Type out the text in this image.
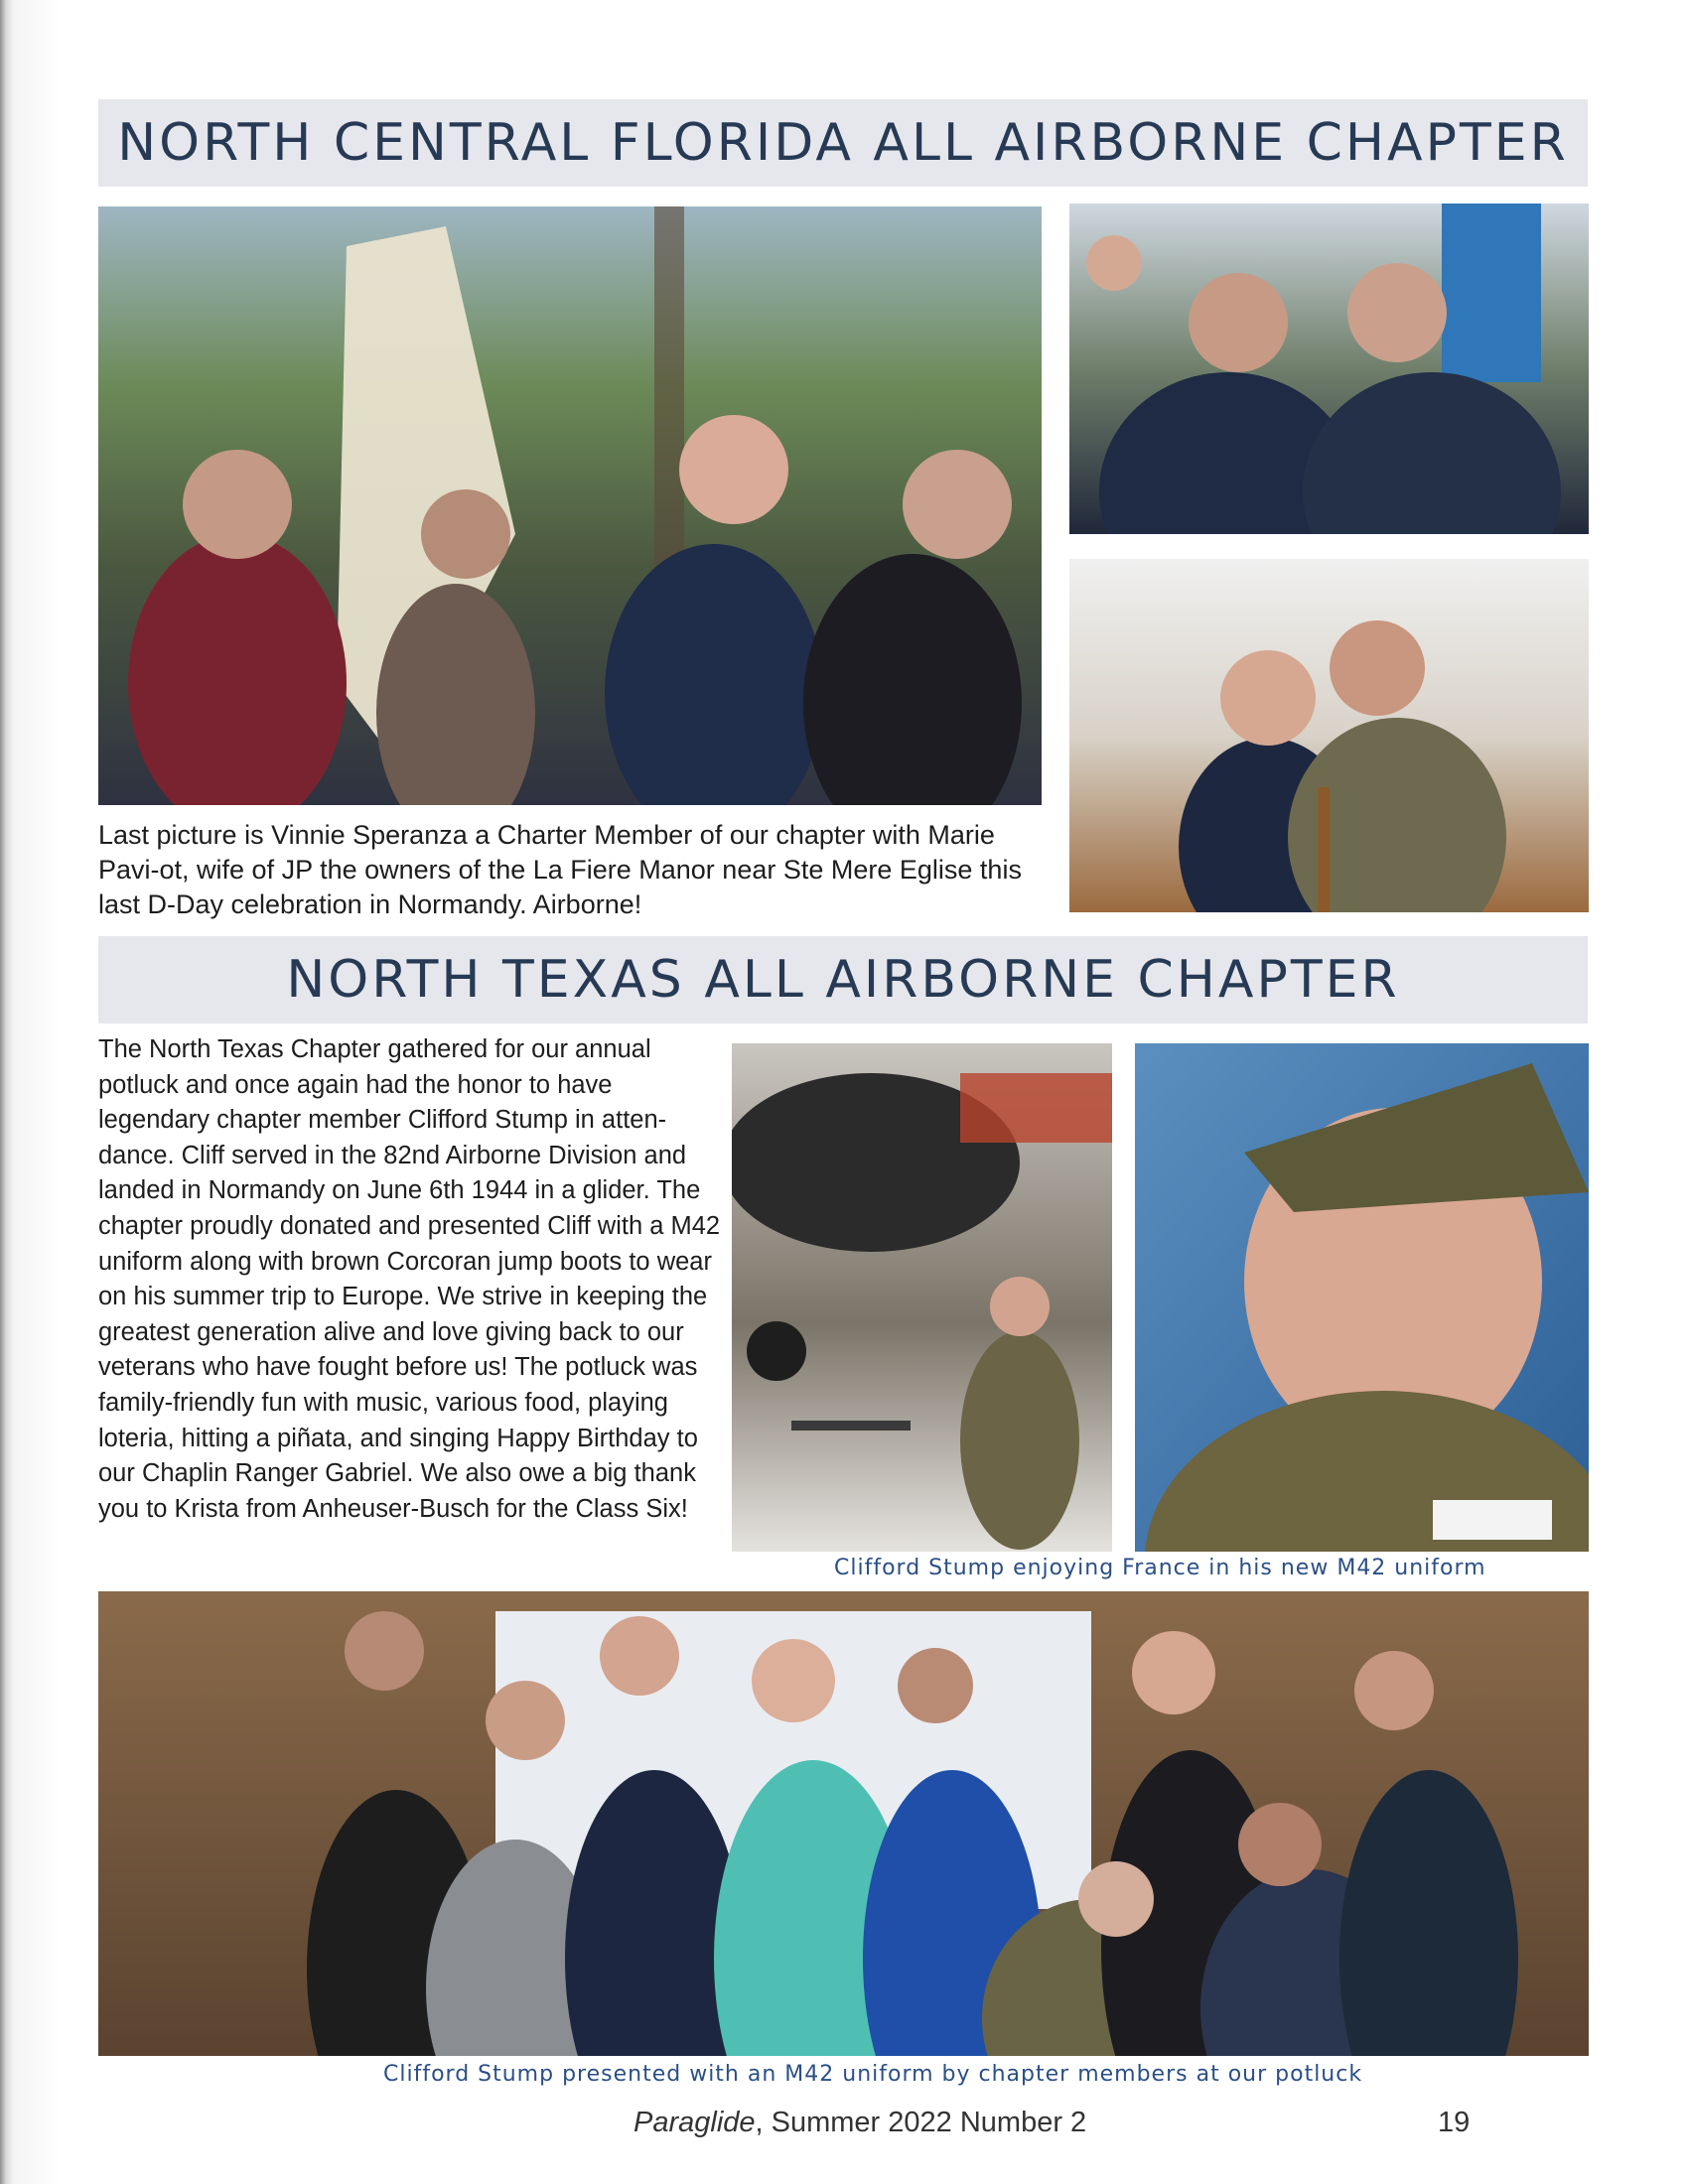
NORTH CENTRAL FLORIDA ALL AIRBORNE CHAPTER

Last picture is Vinnie Speranza a Charter Member of our chapter with Marie Pavi-ot, wife of JP the owners of the La Fiere Manor near Ste Mere Eglise this last D-Day celebration in Normandy. Airborne!

NORTH TEXAS ALL AIRBORNE CHAPTER

The North Texas Chapter gathered for our annual potluck and once again had the honor to have legendary chapter member Clifford Stump in atten-dance. Cliff served in the 82nd Airborne Division and landed in Normandy on June 6th 1944 in a glider. The chapter proudly donated and presented Cliff with a M42 uniform along with brown Corcoran jump boots to wear on his summer trip to Europe. We strive in keeping the greatest generation alive and love giving back to our veterans who have fought before us! The potluck was family-friendly fun with music, various food, playing loteria, hitting a piñata, and singing Happy Birthday to our Chaplin Ranger Gabriel. We also owe a big thank you to Krista from Anheuser-Busch for the Class Six!

Clifford Stump enjoying France in his new M42 uniform

Clifford Stump presented with an M42 uniform by chapter members at our potluck

Paraglide, Summer 2022 Number 2	19
